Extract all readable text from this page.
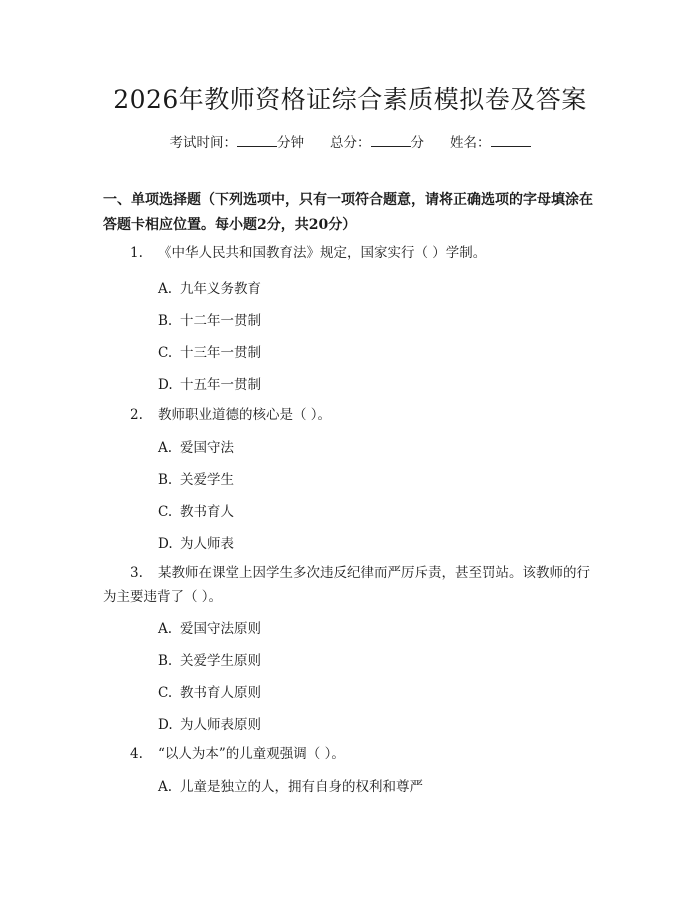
2026年教师资格证综合素质模拟卷及答案
考试时间：	分钟 总分：	分 姓名：
一、单项选择题（下列选项中，只有一项符合题意，请将正确选项的字母填涂在答题卡相应位置。每小题2分，共20分）
1. 《中华人民共和国教育法》规定，国家实行（ ）学制。
A. 九年义务教育
B. 十二年一贯制
C. 十三年一贯制
D. 十五年一贯制
2. 教师职业道德的核心是（ ）。
A. 爱国守法
B. 关爱学生
C. 教书育人
D. 为人师表
3. 某教师在课堂上因学生多次违反纪律而严厉斥责，甚至罚站。该教师的行
为主要违背了（ ）。
A. 爱国守法原则
B. 关爱学生原则
C. 教书育人原则
D. 为人师表原则
4. “以人为本”的儿童观强调（ ）。
A. 儿童是独立的人，拥有自身的权利和尊严
